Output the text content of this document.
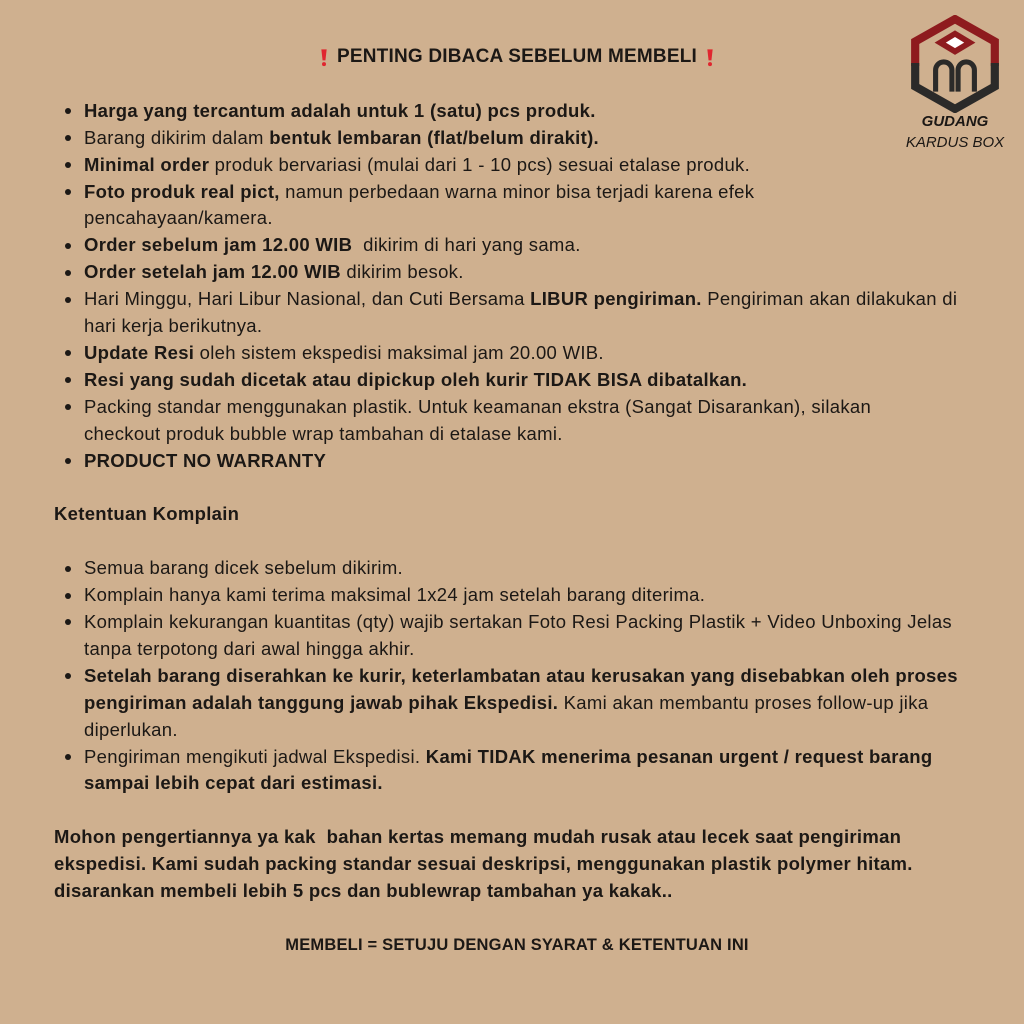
PENTING DIBACA SEBELUM MEMBELI
Harga yang tercantum adalah untuk 1 (satu) pcs produk.
Barang dikirim dalam bentuk lembaran (flat/belum dirakit).
Minimal order produk bervariasi (mulai dari 1 - 10 pcs) sesuai etalase produk.
Foto produk real pict, namun perbedaan warna minor bisa terjadi karena efek
pencahayaan/kamera.
Order sebelum jam 12.00 WIB  dikirim di hari yang sama.
Order setelah jam 12.00 WIB dikirim besok.
Hari Minggu, Hari Libur Nasional, dan Cuti Bersama LIBUR pengiriman. Pengiriman akan dilakukan di
hari kerja berikutnya.
Update Resi oleh sistem ekspedisi maksimal jam 20.00 WIB.
Resi yang sudah dicetak atau dipickup oleh kurir TIDAK BISA dibatalkan.
Packing standar menggunakan plastik. Untuk keamanan ekstra (Sangat Disarankan), silakan
checkout produk bubble wrap tambahan di etalase kami.
PRODUCT NO WARRANTY
Ketentuan Komplain
Semua barang dicek sebelum dikirim.
Komplain hanya kami terima maksimal 1x24 jam setelah barang diterima.
Komplain kekurangan kuantitas (qty) wajib sertakan Foto Resi Packing Plastik + Video Unboxing Jelas
tanpa terpotong dari awal hingga akhir.
Setelah barang diserahkan ke kurir, keterlambatan atau kerusakan yang disebabkan oleh proses
pengiriman adalah tanggung jawab pihak Ekspedisi. Kami akan membantu proses follow-up jika
diperlukan.
Pengiriman mengikuti jadwal Ekspedisi. Kami TIDAK menerima pesanan urgent / request barang
sampai lebih cepat dari estimasi.
Mohon pengertiannya ya kak  bahan kertas memang mudah rusak atau lecek saat pengiriman
ekspedisi. Kami sudah packing standar sesuai deskripsi, menggunakan plastik polymer hitam.
disarankan membeli lebih 5 pcs dan bublewrap tambahan ya kakak..
MEMBELI = SETUJU DENGAN SYARAT & KETENTUAN INI
GUDANG
KARDUS BOX
